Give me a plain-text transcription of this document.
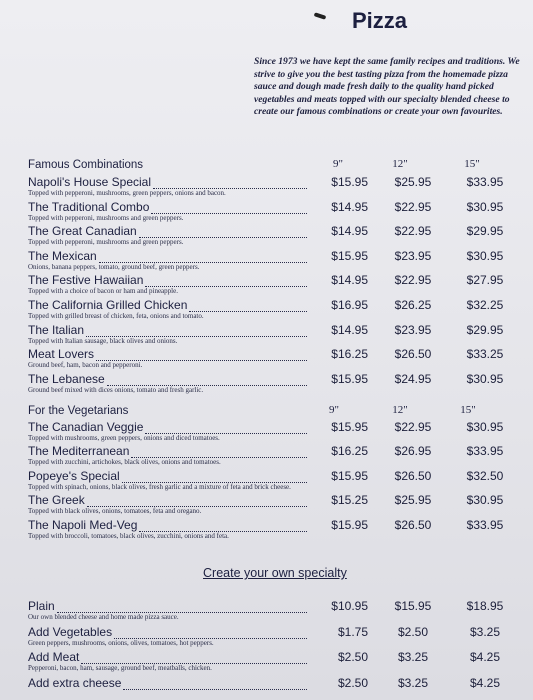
Pizza
Since 1973 we have kept the same family recipes and traditions. We strive to give you the best tasting pizza from the homemade pizza sauce and dough made fresh daily to the quality hand picked vegetables and meats topped with our specialty blended cheese to create our famous combinations or create your own favourites.
Famous Combinations	9"	12"	15"
Napoli's House Special	$15.95	$25.95	$33.95
Topped with pepperoni, mushrooms, green peppers, onions and bacon.
The Traditional Combo	$14.95	$22.95	$30.95
Topped with pepperoni, mushrooms and green peppers.
The Great Canadian	$14.95	$22.95	$29.95
Topped with pepperoni, mushrooms and green peppers.
The Mexican	$15.95	$23.95	$30.95
Onions, banana peppers, tomato, ground beef, green peppers.
The Festive Hawaiian	$14.95	$22.95	$27.95
Topped with a choice of bacon or ham and pineapple.
The California Grilled Chicken	$16.95	$26.25	$32.25
Topped with grilled breast of chicken, feta, onions and tomato.
The Italian	$14.95	$23.95	$29.95
Topped with Italian sausage, black olives and onions.
Meat Lovers	$16.25	$26.50	$33.25
Ground beef, ham, bacon and pepperoni.
The Lebanese	$15.95	$24.95	$30.95
Ground beef mixed with dices onions, tomato and fresh garlic.
For the Vegetarians	9"	12"	15"
The Canadian Veggie	$15.95	$22.95	$30.95
Topped with mushrooms, green peppers, onions and diced tomatoes.
The Mediterranean	$16.25	$26.95	$33.95
Topped with zucchini, artichokes, black olives, onions and tomatoes.
Popeye's Special	$15.95	$26.50	$32.50
Topped with spinach, onions, black olives, fresh garlic and a mixture of feta and brick cheese.
The Greek	$15.25	$25.95	$30.95
Topped with black olives, onions, tomatoes, feta and oregano.
The Napoli Med-Veg	$15.95	$26.50	$33.95
Topped with broccoli, tomatoes, black olives, zucchini, onions and feta.
Create your own specialty
Plain	$10.95	$15.95	$18.95
Our own blended cheese and home made pizza sauce.
Add Vegetables	$1.75	$2.50	$3.25
Green peppers, mushrooms, onions, olives, tomatoes, hot peppers.
Add Meat	$2.50	$3.25	$4.25
Pepperoni, bacon, ham, sausage, ground beef, meatballs, chicken.
Add extra cheese	$2.50	$3.25	$4.25
